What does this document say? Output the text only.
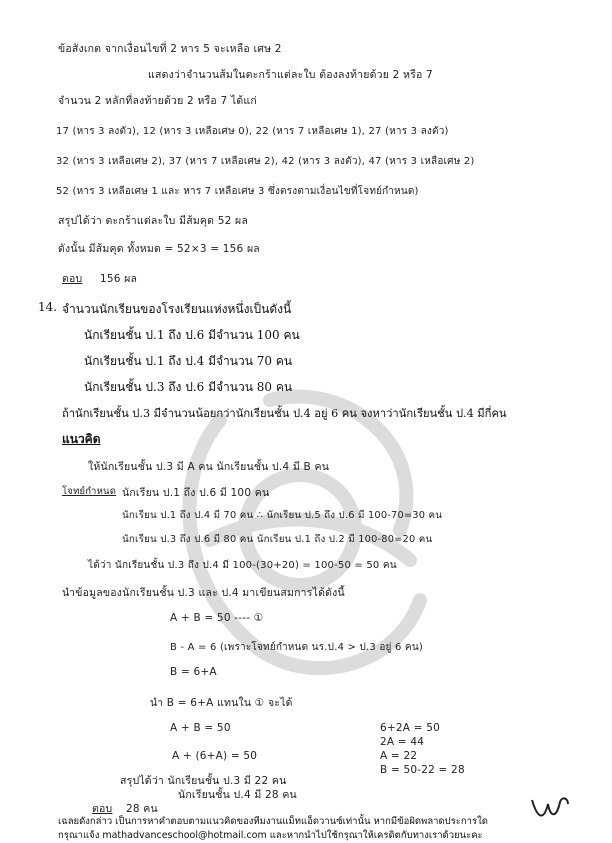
ข้อสังเกต จากเงื่อนไขที่ 2 หาร 5 จะเหลือ เศษ 2
แสดงว่าจำนวนส้มในตะกร้าแต่ละใบ ต้องลงท้ายด้วย 2 หรือ 7
จำนวน 2 หลักที่ลงท้ายด้วย 2 หรือ 7 ได้แก่
17 (หาร 3 ลงตัว), 12 (หาร 3 เหลือเศษ 0), 22 (หาร 7 เหลือเศษ 1), 27 (หาร 3 ลงตัว)
32 (หาร 3 เหลือเศษ 2), 37 (หาร 7 เหลือเศษ 2), 42 (หาร 3 ลงตัว), 47 (หาร 3 เหลือเศษ 2)
52 (หาร 3 เหลือเศษ 1 และ หาร 7 เหลือเศษ 3 ซึ่งตรงตามเงื่อนไขที่โจทย์กำหนด)
สรุปได้ว่า ตะกร้าแต่ละใบ มีส้มคุด 52 ผล
ดังนั้น มีส้มคุด ทั้งหมด = 52×3 = 156 ผล
ตอบ 156 ผล
14. จำนวนนักเรียนของโรงเรียนแห่งหนึ่งเป็นดังนี้
นักเรียนชั้น ป.1 ถึง ป.6 มีจำนวน 100 คน
นักเรียนชั้น ป.1 ถึง ป.4 มีจำนวน 70 คน
นักเรียนชั้น ป.3 ถึง ป.6 มีจำนวน 80 คน
ถ้านักเรียนชั้น ป.3 มีจำนวนน้อยกว่านักเรียนชั้น ป.4 อยู่ 6 คน จงหาว่านักเรียนชั้น ป.4 มีกี่คน
แนวคิด
ให้นักเรียนชั้น ป.3 มี A คน นักเรียนชั้น ป.4 มี B คน
โจทย์กำหนด นักเรียน ป.1 ถึง ป.6 มี 100 คน
นักเรียน ป.1 ถึง ป.4 มี 70 คน ∴ นักเรียน ป.5 ถึง ป.6 มี 100-70=30 คน
นักเรียน ป.3 ถึง ป.6 มี 80 คน นักเรียน ป.1 ถึง ป.2 มี 100-80=20 คน
ได้ว่า นักเรียนชั้น ป.3 ถึง ป.4 มี 100-(30+20) = 100-50 = 50 คน
นำข้อมูลของนักเรียนชั้น ป.3 และ ป.4 มาเขียนสมการได้ดังนี้
A + B = 50 ---- ①
B - A = 6 (เพราะโจทย์กำหนด นร.ป.4 > ป.3 อยู่ 6 คน)
B = 6+A
นำ B = 6+A แทนใน ① จะได้
A + B = 50
A + (6+A) = 50
6+2A = 50
2A = 44
A = 22
B = 50-22 = 28
สรุปได้ว่า นักเรียนชั้น ป.3 มี 22 คน
นักเรียนชั้น ป.4 มี 28 คน
ตอบ 28 คน
เฉลยดังกล่าว เป็นการหาคำตอบตามแนวคิดของทีมงานแม็ทแอ็ดวานซ์เท่านั้น หากมีข้อผิดพลาดประการใด
กรุณาแจ้ง mathadvanceschool@hotmail.com และหากนำไปใช้กรุณาให้เครดิตกับทางเราด้วยนะคะ
